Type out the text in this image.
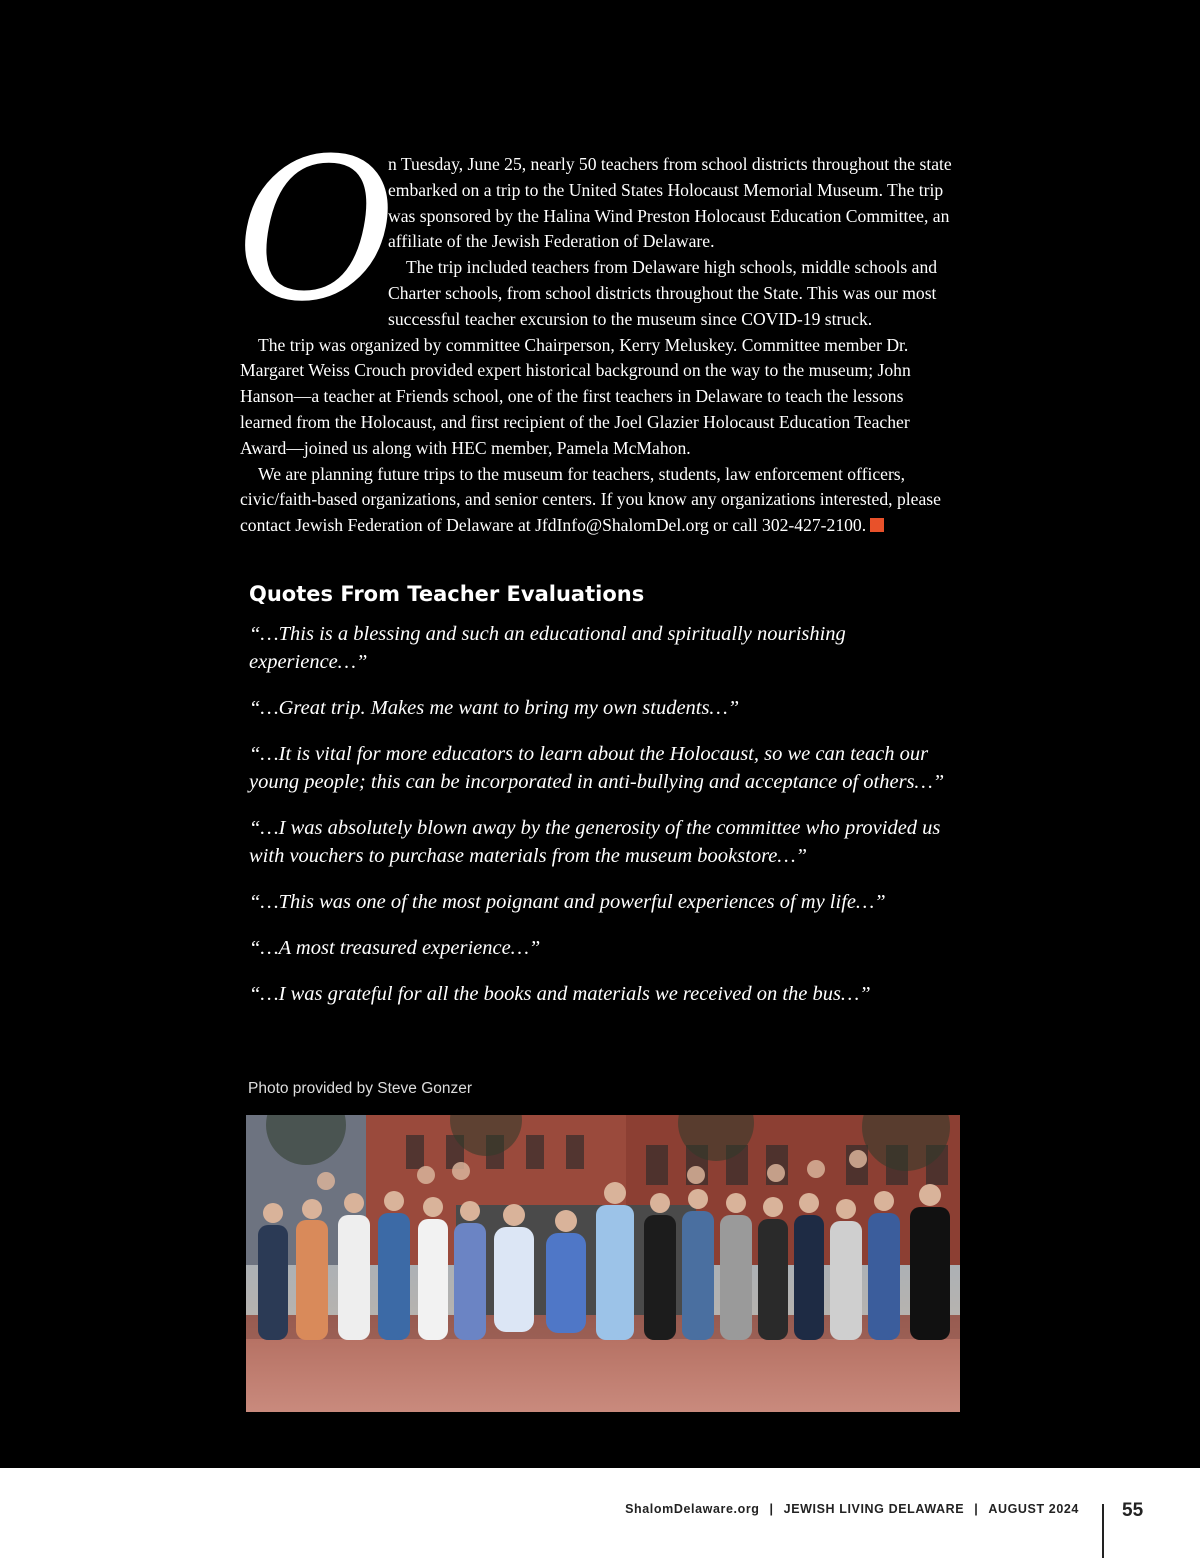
O

n Tuesday, June 25, nearly 50 teachers from school districts throughout the state embarked on a trip to the United States Holocaust Memorial Museum. The trip was sponsored by the Halina Wind Preston Holocaust Education Committee, an affiliate of the Jewish Federation of Delaware.

The trip included teachers from Delaware high schools, middle schools and Charter schools, from school districts throughout the State. This was our most successful teacher excursion to the museum since COVID-19 struck.

The trip was organized by committee Chairperson, Kerry Meluskey. Committee member Dr. Margaret Weiss Crouch provided expert historical background on the way to the museum; John Hanson—a teacher at Friends school, one of the first teachers in Delaware to teach the lessons learned from the Holocaust, and first recipient of the Joel Glazier Holocaust Education Teacher Award—joined us along with HEC member, Pamela McMahon.

We are planning future trips to the museum for teachers, students, law enforcement officers, civic/faith-based organizations, and senior centers. If you know any organizations interested, please contact Jewish Federation of Delaware at JfdInfo@ShalomDel.org or call 302-427-2100.

Quotes From Teacher Evaluations

“…This is a blessing and such an educational and spiritually nourishing experience…”

“…Great trip. Makes me want to bring my own students…”

“…It is vital for more educators to learn about the Holocaust, so we can teach our young people; this can be incorporated in anti-bullying and acceptance of others…”

“…I was absolutely blown away by the generosity of the committee who provided us with vouchers to purchase materials from the museum bookstore…”

“…This was one of the most poignant and powerful experiences of my life…”

“…A most treasured experience…”

“…I was grateful for all the books and materials we received on the bus…”

Photo provided by Steve Gonzer
ShalomDelaware.org | JEWISH LIVING DELAWARE | AUGUST 2024 55
